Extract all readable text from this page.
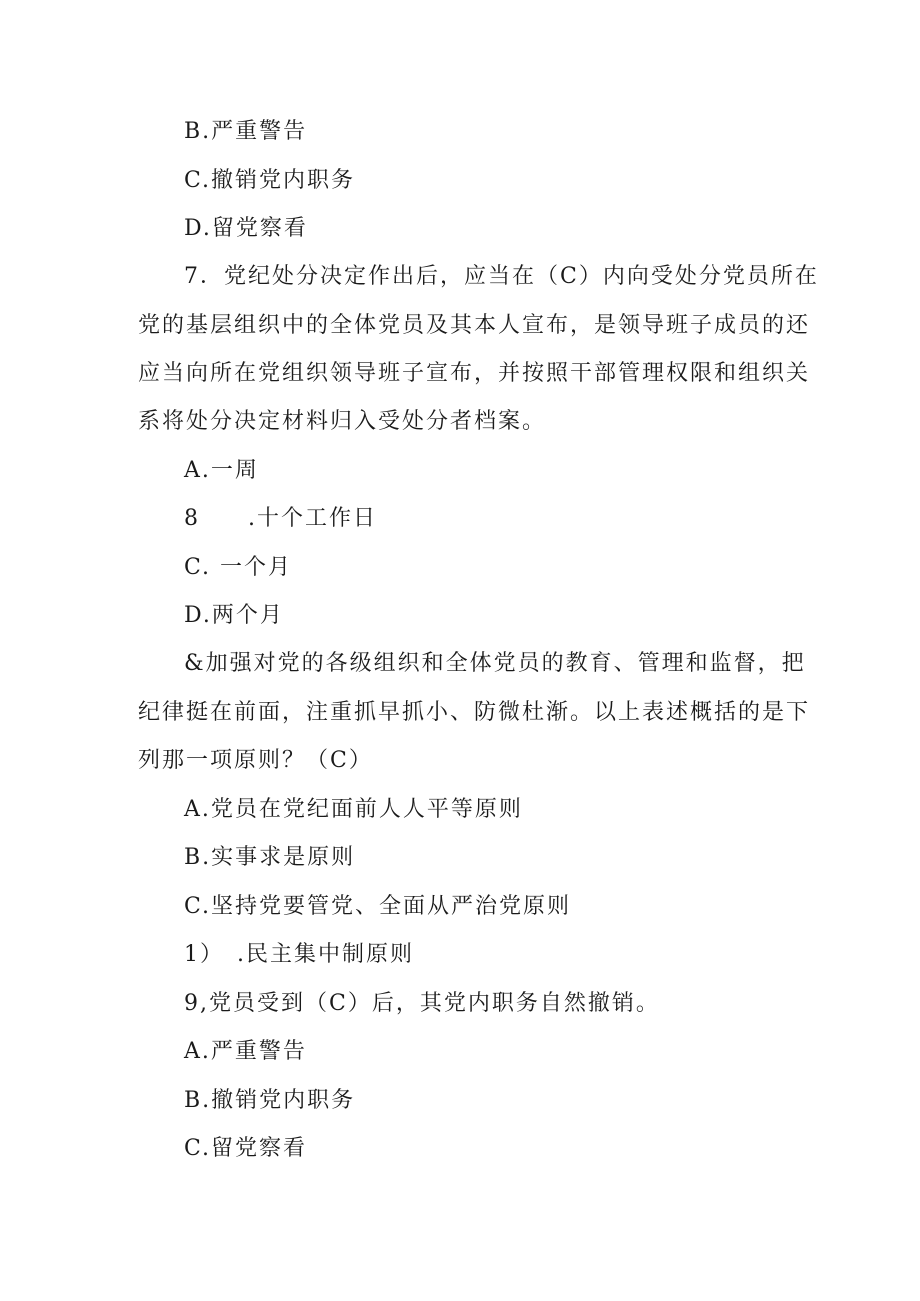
B.严重警告
C.撤销党内职务
D.留党察看
7．党纪处分决定作出后，应当在（C）内向受处分党员所在
党的基层组织中的全体党员及其本人宣布，是领导班子成员的还
应当向所在党组织领导班子宣布，并按照干部管理权限和组织关
系将处分决定材料归入受处分者档案。
A.一周
8　　.十个工作日
C. 一个月
D.两个月
&加强对党的各级组织和全体党员的教育、管理和监督，把
纪律挺在前面，注重抓早抓小、防微杜渐。以上表述概括的是下
列那一项原则？（C）
A.党员在党纪面前人人平等原则
B.实事求是原则
C.坚持党要管党、全面从严治党原则
1）　.民主集中制原则
9,党员受到（C）后，其党内职务自然撤销。
A.严重警告
B.撤销党内职务
C.留党察看
